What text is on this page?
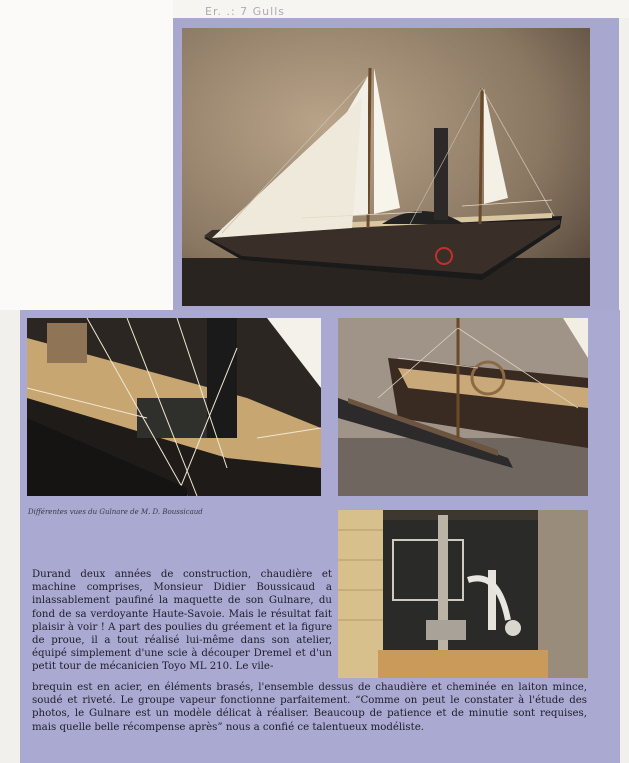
Er. .: 7 Gulls
Différentes vues du Gulnare de M. D. Boussicaud
Durand deux années de construction, chaudière et machine comprises, Monsieur Didier Boussicaud a inlassablement paufiné la maquette de son Gulnare, du fond de sa verdoyante Haute-Savoie. Mais le résultat fait plaisir à voir ! A part des poulies du gréement et la figure de proue, il a tout réalisé lui-même dans son atelier, équipé simplement d'une scie à découper Dremel et d'un petit tour de mécanicien Toyo ML 210. Le vile-
brequin est en acier, en éléments brasés, l'ensemble dessus de chaudière et cheminée en laiton mince, soudé et riveté. Le groupe vapeur fonctionne parfaitement. “Comme on peut le constater à l'étude des photos, le Gulnare est un modèle délicat à réaliser. Beaucoup de patience et de minutie sont requises, mais quelle belle récompense après” nous a confié ce talentueux modéliste.
